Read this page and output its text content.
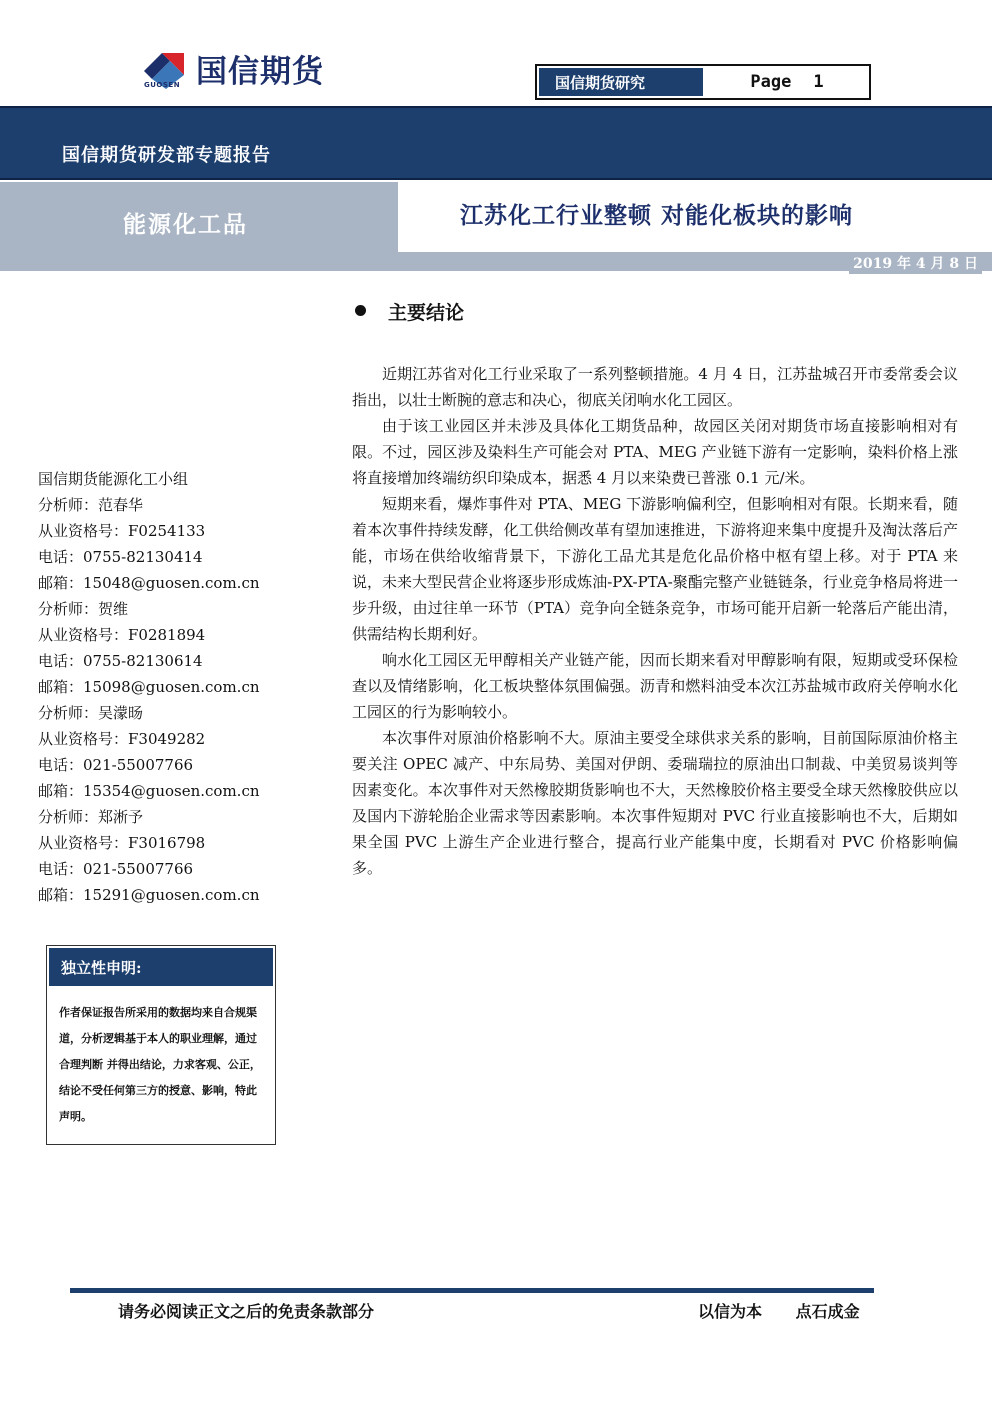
国信期货
GUOSEN	国信期货研究	Page 1
国信期货研发部专题报告
能源化工品	江苏化工行业整顿 对能化板块的影响
2019 年 4 月 8 日
主要结论

近期江苏省对化工行业采取了一系列整顿措施。4 月 4 日，江苏盐城召开市委常委会议指出，以壮士断腕的意志和决心，彻底关闭响水化工园区。

由于该工业园区并未涉及具体化工期货品种，故园区关闭对期货市场直接影响相对有限。不过，园区涉及染料生产可能会对 PTA、MEG 产业链下游有一定影响，染料价格上涨将直接增加终端纺织印染成本，据悉 4 月以来染费已普涨 0.1 元/米。

短期来看，爆炸事件对 PTA、MEG 下游影响偏利空，但影响相对有限。长期来看，随着本次事件持续发酵，化工供给侧改革有望加速推进，下游将迎来集中度提升及淘汰落后产能，市场在供给收缩背景下，下游化工品尤其是危化品价格中枢有望上移。对于 PTA 来说，未来大型民营企业将逐步形成炼油-PX-PTA-聚酯完整产业链链条，行业竞争格局将进一步升级，由过往单一环节（PTA）竞争向全链条竞争，市场可能开启新一轮落后产能出清，供需结构长期利好。

响水化工园区无甲醇相关产业链产能，因而长期来看对甲醇影响有限，短期或受环保检查以及情绪影响，化工板块整体氛围偏强。沥青和燃料油受本次江苏盐城市政府关停响水化工园区的行为影响较小。

本次事件对原油价格影响不大。原油主要受全球供求关系的影响，目前国际原油价格主要关注 OPEC 减产、中东局势、美国对伊朗、委瑞瑞拉的原油出口制裁、中美贸易谈判等因素变化。本次事件对天然橡胶期货影响也不大，天然橡胶价格主要受全球天然橡胶供应以及国内下游轮胎企业需求等因素影响。本次事件短期对 PVC 行业直接影响也不大，后期如果全国 PVC 上游生产企业进行整合，提高行业产能集中度，长期看对 PVC 价格影响偏多。

国信期货能源化工小组
分析师：范春华
从业资格号：F0254133
电话：0755-82130414
邮箱：15048@guosen.com.cn
分析师：贺维
从业资格号：F0281894
电话：0755-82130614
邮箱：15098@guosen.com.cn
分析师：吴濛旸
从业资格号：F3049282
电话：021-55007766
邮箱：15354@guosen.com.cn
分析师：郑淅予
从业资格号：F3016798
电话：021-55007766
邮箱：15291@guosen.com.cn
独立性申明:
作者保证报告所采用的数据均来自合规渠道，分析逻辑基于本人的职业理解，通过合理判断 并得出结论，力求客观、公正，结论不受任何第三方的授意、影响，特此声明。
请务必阅读正文之后的免责条款部分	以信为本 点石成金
